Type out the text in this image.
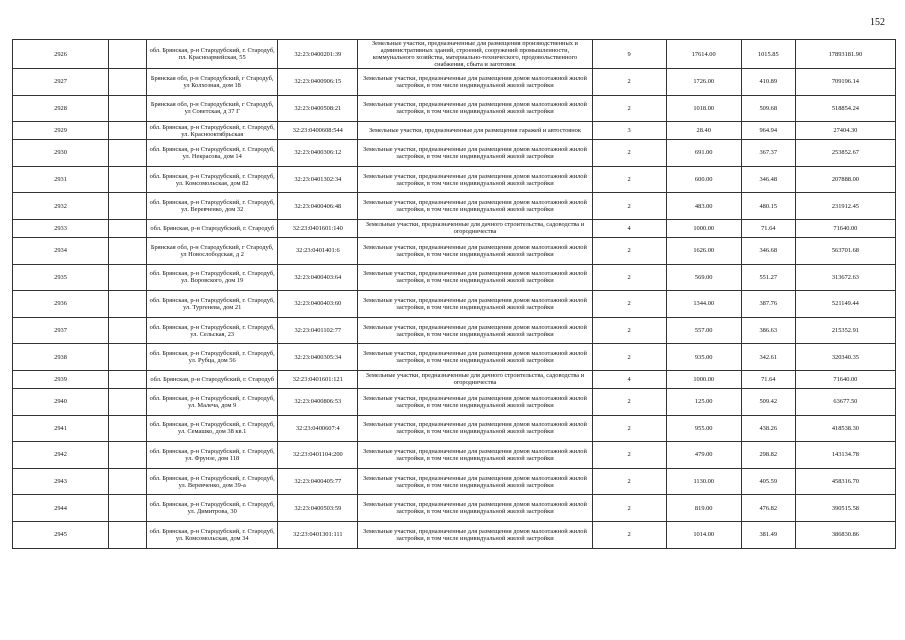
152
2926		обл. Брянская, р-н Стародубский, г. Стародуб, пл. Красноармейская, 55	32:23:0400201:39	Земельные участки, предназначенные для размещения производственных и административных зданий, строений, сооружений промышленности, коммунального хозяйства, материально-технического, продовольственного снабжения, сбыта и заготовок	9	17614.00	1015.85	17893181.90
2927		Брянская обл, р-н Стародубский, г Стародуб, ул Колхозная, дом 18	32:23:0400906:15	Земельные участки, предназначенные для размещения домов малоэтажной жилой застройки, в том числе индивидуальной жилой застройки	2	1726.00	410.89	709196.14
2928		Брянская обл, р-н Стародубский, г Стародуб, ул Советская, д 37 Г	32:23:0400508:21	Земельные участки, предназначенные для размещения домов малоэтажной жилой застройки, в том числе индивидуальной жилой застройки	2	1018.00	509.68	518854.24
2929		обл. Брянская, р-н Стародубский, г. Стародуб, ул. Краснооктябрьская	32:23:0400608:544	Земельные участки, предназначенные для размещения гаражей и автостоянок	3	28.40	964.94	27404.30
2930		обл. Брянская, р-н Стародубский, г. Стародуб, ул. Некрасова, дом 14	32:23:0400306:12	Земельные участки, предназначенные для размещения домов малоэтажной жилой застройки, в том числе индивидуальной жилой застройки	2	691.00	367.37	253852.67
2931		обл. Брянская, р-н Стародубский, г. Стародуб, ул. Комсомольская, дом 82	32:23:0401302:34	Земельные участки, предназначенные для размещения домов малоэтажной жилой застройки, в том числе индивидуальной жилой застройки	2	600.00	346.48	207888.00
2932		обл. Брянская, р-н Стародубский, г. Стародуб, ул. Веревченко, дом 32	32:23:0400406:48	Земельные участки, предназначенные для размещения домов малоэтажной жилой застройки, в том числе индивидуальной жилой застройки	2	483.00	480.15	231912.45
2933		обл. Брянская, р-н Стародубский, г. Стародуб	32:23:0401601:140	Земельные участки, предназначенные для дачного строительства, садоводства и огородничества	4	1000.00	71.64	71640.00
2934		Брянская обл, р-н Стародубский, г Стародуб, ул Новослободская, д 2	32:23:0401401:6	Земельные участки, предназначенные для размещения домов малоэтажной жилой застройки, в том числе индивидуальной жилой застройки	2	1626.00	346.68	563701.68
2935		обл. Брянская, р-н Стародубский, г. Стародуб, ул. Воровского, дом 19	32:23:0400403:64	Земельные участки, предназначенные для размещения домов малоэтажной жилой застройки, в том числе индивидуальной жилой застройки	2	569.00	551.27	313672.63
2936		обл. Брянская, р-н Стародубский, г. Стародуб, ул. Тургенева, дом 21	32:23:0400403:60	Земельные участки, предназначенные для размещения домов малоэтажной жилой застройки, в том числе индивидуальной жилой застройки	2	1344.00	387.76	521149.44
2937		обл. Брянская, р-н Стародубский, г. Стародуб, ул. Сельская, 23	32:23:0401102:77	Земельные участки, предназначенные для размещения домов малоэтажной жилой застройки, в том числе индивидуальной жилой застройки	2	557.00	386.63	215352.91
2938		обл. Брянская, р-н Стародубский, г. Стародуб, ул. Рубца, дом 56	32:23:0400305:34	Земельные участки, предназначенные для размещения домов малоэтажной жилой застройки, в том числе индивидуальной жилой застройки	2	935.00	342.61	320340.35
2939		обл. Брянская, р-н Стародубский, г. Стародуб	32:23:0401601:121	Земельные участки, предназначенные для дачного строительства, садоводства и огородничества	4	1000.00	71.64	71640.00
2940		обл. Брянская, р-н Стародубский, г. Стародуб, ул. Малеча, дом 9	32:23:0400806:53	Земельные участки, предназначенные для размещения домов малоэтажной жилой застройки, в том числе индивидуальной жилой застройки	2	125.00	509.42	63677.50
2941		обл. Брянская, р-н Стародубский, г. Стародуб, ул. Семашко, дом 38 кв.1	32:23:0400607:4	Земельные участки, предназначенные для размещения домов малоэтажной жилой застройки, в том числе индивидуальной жилой застройки	2	955.00	438.26	418538.30
2942		обл. Брянская, р-н Стародубский, г. Стародуб, ул. Фрунзе, дом 118	32:23:0401104:200	Земельные участки, предназначенные для размещения домов малоэтажной жилой застройки, в том числе индивидуальной жилой застройки	2	479.00	298.82	143134.78
2943		обл. Брянская, р-н Стародубский, г. Стародуб, ул. Веревченко, дом 39-а	32:23:0400405:77	Земельные участки, предназначенные для размещения домов малоэтажной жилой застройки, в том числе индивидуальной жилой застройки	2	1130.00	405.59	458316.70
2944		обл. Брянская, р-н Стародубский, г. Стародуб, ул. Димитрова, 30	32:23:0400503:59	Земельные участки, предназначенные для размещения домов малоэтажной жилой застройки, в том числе индивидуальной жилой застройки	2	819.00	476.82	390515.58
2945		обл. Брянская, р-н Стародубский, г. Стародуб, ул. Комсомольская, дом 34	32:23:0401301:111	Земельные участки, предназначенные для размещения домов малоэтажной жилой застройки, в том числе индивидуальной жилой застройки	2	1014.00	381.49	386830.86
